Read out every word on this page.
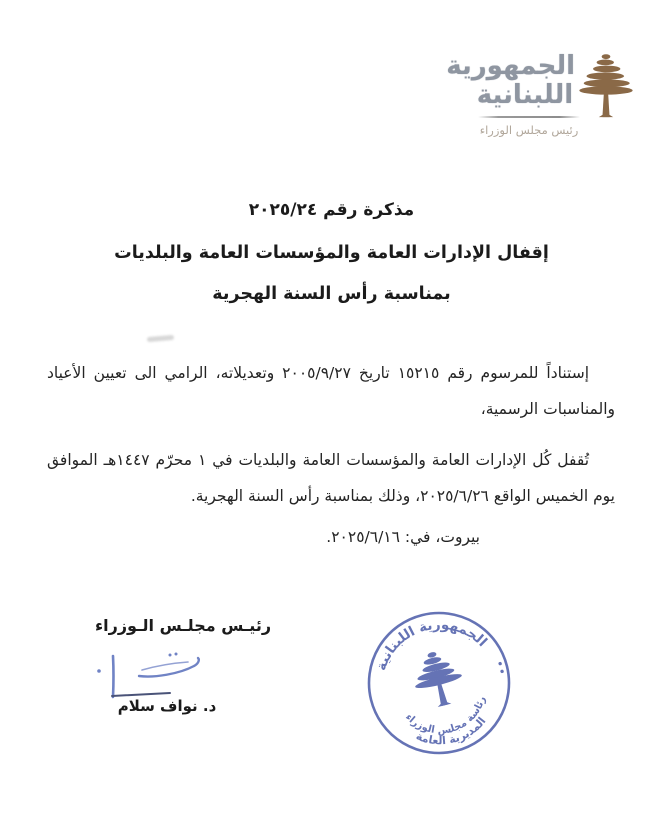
الجمهورية
اللبنانية
رئيس مجلس الوزراء
مذكرة رقم ٢٠٢٥/٢٤
إقفال الإدارات العامة والمؤسسات العامة والبلديات
بمناسبة رأس السنة الهجرية

إستناداً للمرسوم رقم ١٥٢١٥ تاريخ ٢٠٠٥/٩/٢٧ وتعديلاته، الرامي الى تعيين الأعياد والمناسبات الرسمية،

تُقفل كُل الإدارات العامة والمؤسسات العامة والبلديات في ١ محرّم ١٤٤٧هـ الموافق يوم الخميس الواقع ٢٠٢٥/٦/٢٦، وذلك بمناسبة رأس السنة الهجرية.

بيروت، في: ٢٠٢٥/٦/١٦.
رئيـس مجلـس الـوزراء
د. نواف سلام
الجمهورية اللبنانية
رئاسة مجلس الوزراء
المديرية العامة
